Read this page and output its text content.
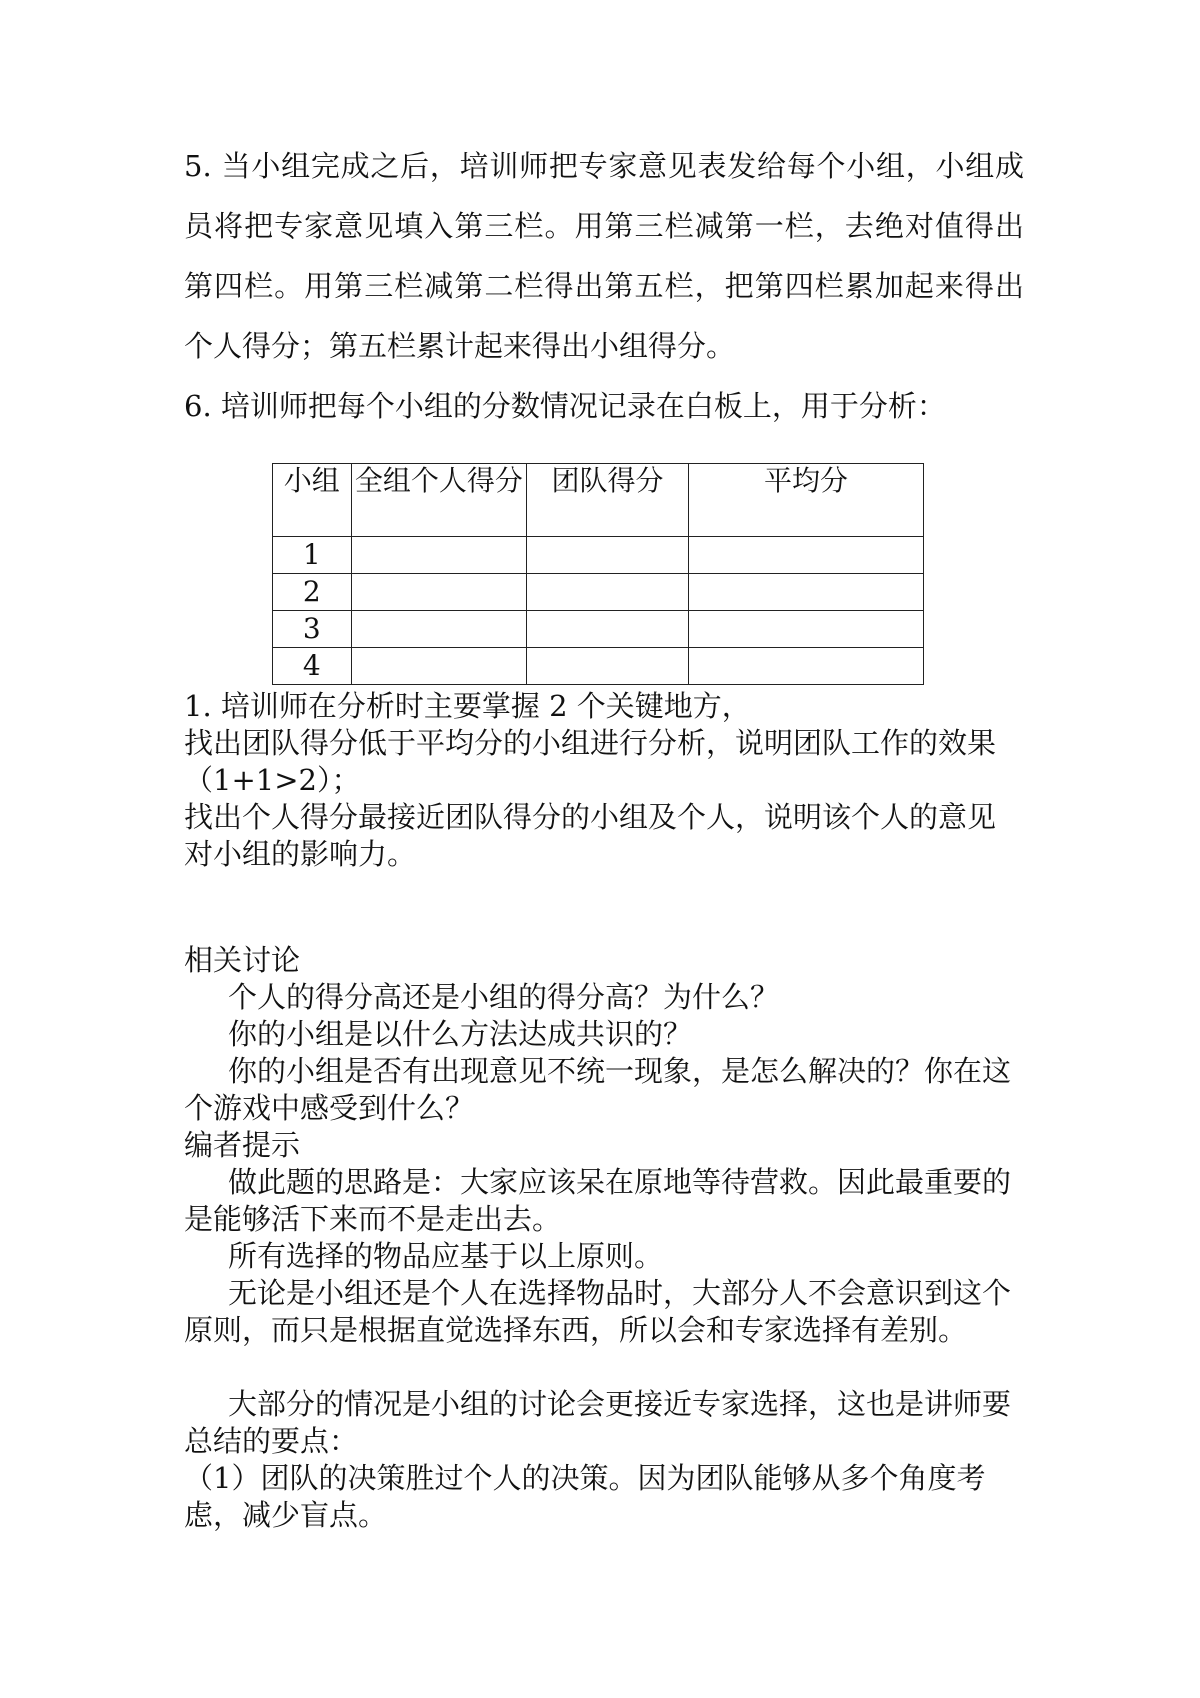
5. 当小组完成之后，培训师把专家意见表发给每个小组，小组成员将把专家意见填入第三栏。用第三栏减第一栏，去绝对值得出第四栏。用第三栏减第二栏得出第五栏，把第四栏累加起来得出个人得分；第五栏累计起来得出小组得分。

6. 培训师把每个小组的分数情况记录在白板上，用于分析：

小组	全组个人得分	团队得分	平均分
1			
2			
3			
4			

1. 培训师在分析时主要掌握 2 个关键地方，

找出团队得分低于平均分的小组进行分析，说明团队工作的效果（1+1>2）；

找出个人得分最接近团队得分的小组及个人，说明该个人的意见对小组的影响力。

相关讨论

个人的得分高还是小组的得分高？为什么？

你的小组是以什么方法达成共识的？

你的小组是否有出现意见不统一现象，是怎么解决的？你在这个游戏中感受到什么？

编者提示

做此题的思路是：大家应该呆在原地等待营救。因此最重要的是能够活下来而不是走出去。

所有选择的物品应基于以上原则。

无论是小组还是个人在选择物品时，大部分人不会意识到这个原则，而只是根据直觉选择东西，所以会和专家选择有差别。

大部分的情况是小组的讨论会更接近专家选择，这也是讲师要总结的要点：

（1）团队的决策胜过个人的决策。因为团队能够从多个角度考虑，减少盲点。
